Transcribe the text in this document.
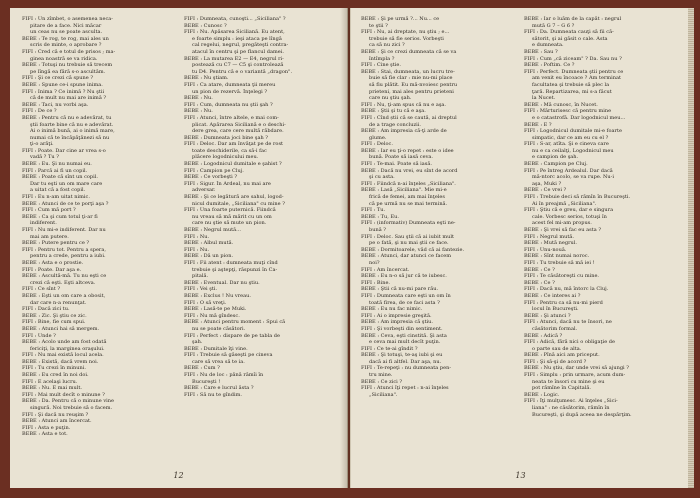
FIFI : Un zîmbet, o asemenea neca-
pitare de a face. Nici măcar
un ceas nu se poate asculta.
BEBE : Te rog, te rog, mai ales un
scris de minte, o aprobare ?
FIFI : Cred că e totul de prisos ; ma-
ginea noastră se va ridica.
BEBE : Totuşi nu trebuie să trecem
pe lîngă ea fără s-o ascultăm.
FIFI : Şi ce crezi că spune ?
BEBE : Spune ce-i spune inima.
FIFI : Inima ? Ce inimă ? Nu ştii
că de mult nu mai are inimă ?
BEBE : Taci, nu vorbi aşa.
FIFI : De ce ?
BEBE : Pentru că nu e adevărat, tu
ştii foarte bine că nu e adevărat.
Ai o inimă bună, ai o inimă mare,
numai că te încăpăţânezi să nu
ţi-o arăţi.
FIFI : Poate. Dar cine ar vrea s-o
vadă ? Tu ?
BEBE : Eu. Şi nu numai eu.
FIFI : Parcă ai fi un copil.
BEBE : Poate că sînt un copil.
Dar tu eşti un om mare care
a uitat că a fost copil.
FIFI : Eu n-am uitat nimic.
BEBE : Atunci de ce te porţi aşa ?
FIFI : Cum mă port ?
BEBE : Ca şi cum totul ţi-ar fi
indiferent.
FIFI : Nu mi-e indiferent. Dar nu
mai am putere.
BEBE : Putere pentru ce ?
FIFI : Pentru tot. Pentru a spera,
pentru a crede, pentru a iubi.
BEBE : Asta e o prostie.
FIFI : Poate. Dar aşa e.
BEBE : Ascultă-mă. Tu nu eşti ce
crezi că eşti. Eşti altceva.
FIFI : Ce sînt ?
BEBE : Eşti un om care a obosit,
dar care n-a renunţat.
FIFI : Dacă zici tu.
BEBE : Zic. Şi ştiu ce zic.
FIFI : Bine, fie cum spui.
BEBE : Atunci hai să mergem.
FIFI : Unde ?
BEBE : Acolo unde am fost odată
fericiţi, la marginea oraşului.
FIFI : Nu mai există locul acela.
BEBE : Există, dacă vrem noi.
FIFI : Tu crezi în minuni.
BEBE : Eu cred în noi doi.
FIFI : E acelaşi lucru.
BEBE : Nu. E mai mult.
FIFI : Mai mult decît o minune ?
BEBE : Da. Pentru că o minune vine
singură. Noi trebuie să o facem.
FIFI : Şi dacă nu reuşim ?
BEBE : Atunci am încercat.
FIFI : Asta e puţin.
BEBE : Asta e tot.
FIFI : Dumneata, cunoşti... „Siciliana" ?
BEBE : Cunosc ?
FIFI : Nu. Apăsarea Siciliană. Eu atent,
e foarte simplu : ieşi ataca pe lîngă
cal regelui, negrul, pregăteşti contra-
atacul în centru şi pe flancul damei.
BEBE : La mutarea E2 — E4, negrul ri-
postează cu C7 — C5 şi controlează
tu D4. Pentru că e o variantă „dragon".
BEBE : Nu ştiam.
FIFI : Ca atare, dumneata ţii mereu
un pion de rezervă. Înţelegi ?
BEBE : Nu.
FIFI : Cum, dumneata nu ştii şah ?
BEBE : Nu.
FIFI : Atunci, între altele, e mai com-
plicat. Apărarea Siciliană e o deschi-
dere grea, care cere multă răbdare.
BEBE : Dumneata joci bine şah ?
FIFI : Deloc. Dar am învăţat pe de rost
toate deschiderile, ca să-i fac
plăcere logodnicului meu.
BEBE : Logodnicul dumitale e şahist ?
FIFI : Campion pe Cluj.
BEBE : Ce vorbeşti ?
FIFI : Sigur. În Ardeal, nu mai are
adversar.
BEBE : Şi ce legătură are sahul, logod-
nicul dumitale, „Siciliana" cu mine ?
FIFI : Una foarte puternică. Fiindcă
nu vreau să mă mărit cu un om
care nu ştie să mute un pion.
BEBE : Negrul mută...
FIFI : Nu.
BEBE : Albul mută.
FIFI : Nu.
BEBE : Dă un pion.
FIFI : Fii atent : dumneata muţi cînd
trebuie şi aştepţi, răspunzi în Ca-
pitală.
BEBE : Eventual. Dar nu ştiu.
FIFI : Vei şti.
BEBE : Exclus ! Nu vreau.
FIFI : O să vreţi.
BEBE : Lasă-te pe Muki.
FIFI : Nu mă gîndesc.
BEBE : Atunci pentru moment : Spui că
nu se poate căsători.
FIFI : Perfect : dispare de pe tabla de
şah.
BEBE : Dumitale îţi vine.
FIFI : Trebuie să găseşti pe cineva
care să vrea să te ia.
BEBE : Cum ?
FIFI : Nu de loc : până rămîi în
Bucureşti !
BEBE : Care e lucrul ăsta ?
FIFI : Să nu te gîndim.
12
BEBE : Şi pe urmă ?... Nu... ce
te ştii ?
FIFI : Nu, ai dreptate, nu ştiu ; e...
trebuie să fie serios. Vorbeşti
ca să nu zici ?
BEBE : Şi ce crezi dumneata că se va
întîmpla ?
FIFI : Cine ştie.
BEBE : Stai, dumneata, un lucru tre-
buie să fie clar : mie nu-mi place
să fiu plătit. Eu mă-nvoiesc pentru
prieteni, mai ales pentru prieteni
care nu ştiu şah.
FIFI : Nu, ţi-am spus că nu e aşa.
BEBE : Ştii şi tu că e aşa.
FIFI : Cînd știi că se caută, ai dreptul
de a trage concluzii.
BEBE : Am impresia că-ţi arde de
glume.
FIFI : Deloc.
BEBE : Iar eu ţi-o repet : este o idee
bună. Poate să iasă ceva.
FIFI : Te-mai. Poate să iasă.
BEBE : Dacă nu vrei, eu sînt de acord
şi cu asta.
FIFI : Fiindcă n-ai înţeles „Siciliana".
BEBE : Lasă „Siciliana". Mie mi-e
frică de femei, am mai înţeles
că pe urmă nu se mai termină.
FIFI : Tu.
BEBE : Tu, Eu.
FIFI : (informativ) Dumneata eşti ne-
bună ?
FIFI : Deloc. Sau ştii că ai iubit mult
pe o fată, şi nu mai ştii ce face.
BEBE : Dormitoarele, văd că ai fantezie.
BEBE : Atunci, dar atunci ce facem
noi?
FIFI : Am încercat.
BEBE : Eu n-o să jur că te iubesc.
FIFI : Bine.
BEBE : Ştii că nu-mi pare rău.
FIFI : Dumneata care eşti un om în
toată firea, de ce faci asta ?
BEBE : Eu nu fac nimic.
FIFI : Ai o impresie greşită.
BEBE : Am impresia că ştiu.
FIFI : Şi vorbeşti din sentiment.
BEBE : Ceva, eşti cinstită. Şi asta
e ceva mai mult decît puţin.
FIFI : Ce te-ai gîndit ?
BEBE : Şi totuşi, te-aş iubi şi eu
dacă ai fi altfel. Dar aşa, nu.
FIFI : Te-repeţi : nu dumneata pen-
tru mine.
BEBE : Ce zici ?
FIFI : Atunci îţi repet : n-ai înţeles
„Siciliana".
BEBE : Iar o luăm de la capăt : negrul
mută G 7 – G 6 ?
FIFI : Da. Dumneata cauţi să fii că-
sătorit, şi ai găsit o cale. Asta
e dumneata.
BEBE : Sau ?
FIFI : Cum „că ziceam" ? Da. Sau nu ?
BEBE : Poftim. Ce ?
FIFI : Perfect. Dumneata ştii pentru ce
am venit eu încoace ? Am terminat
facultatea şi trebuie să plec la
ţară. Repartizarea, mi s-a făcut
la Nucet.
BEBE : Mă cunosc, în Nucet.
FIFI : Mărturisesc că pentru mine
e o catastrofă. Dar logodnicul meu...
BEBE : E ?
FIFI : Logodnicul dumitale mi-e foarte
simpatic, dar ce am eu cu el ?
FIFI : S-ar, atîta. Şi e cineva care
nu e ca ceilalţi, Logodnicul meu
e campion de şah.
BEBE : Campion pe Cluj.
FIFI : Pe întreg Ardealul. Dar dacă
mă-ntorc acolo, se va rupe. Nu-i
aşa, Muki ?
BEBE : Ce vrei ?
FIFI : Trebuie deci să rămîn în Bucureşti.
Ai în preajmă „Siciliana".
FIFI : Ştiu că e greu, dar e singura
cale. Vorbesc serios, totuşi în
acest fel mi-am propus.
BEBE : Şi vrei să fac eu asta ?
FIFI : Negrul mută.
BEBE : Mută negrul.
FIFI : Unu-nouă.
BEBE : Sînt numai noroc.
FIFI : Tu trebuie să mă iei !
BEBE : Ce ?
FIFI : Te căsătoreşti cu mine.
BEBE : Ce ?
FIFI : Dacă nu, mă întorc la Cluj.
BEBE : Ce interes ai ?
FIFI : Pentru ca să nu-mi pierd
locul în Bucureşti.
BEBE : Şi atunci ?
FIFI : Atunci, dacă nu te însori, ne
căsătorim formal.
BEBE : Adică ?
FIFI : Adică, fără nici o obligaţie de
o parte sau de alta.
BEBE : Pînă aici am priceput.
FIFI : Şi să-şi de acord ?
BEBE : Nu ştiu, dar unde vrei să ajungi ?
FIFI : Simplu : prin urmare, acum dum-
neata te însori cu mine şi eu
pot rămîne în Capitală.
BEBE : Logic.
FIFI : Îţi mulţumesc. Ai înţeles „Sici-
liana" : ne căsătorim, rămîn în
Bucureşti, şi după aceea ne despărţim.
13
